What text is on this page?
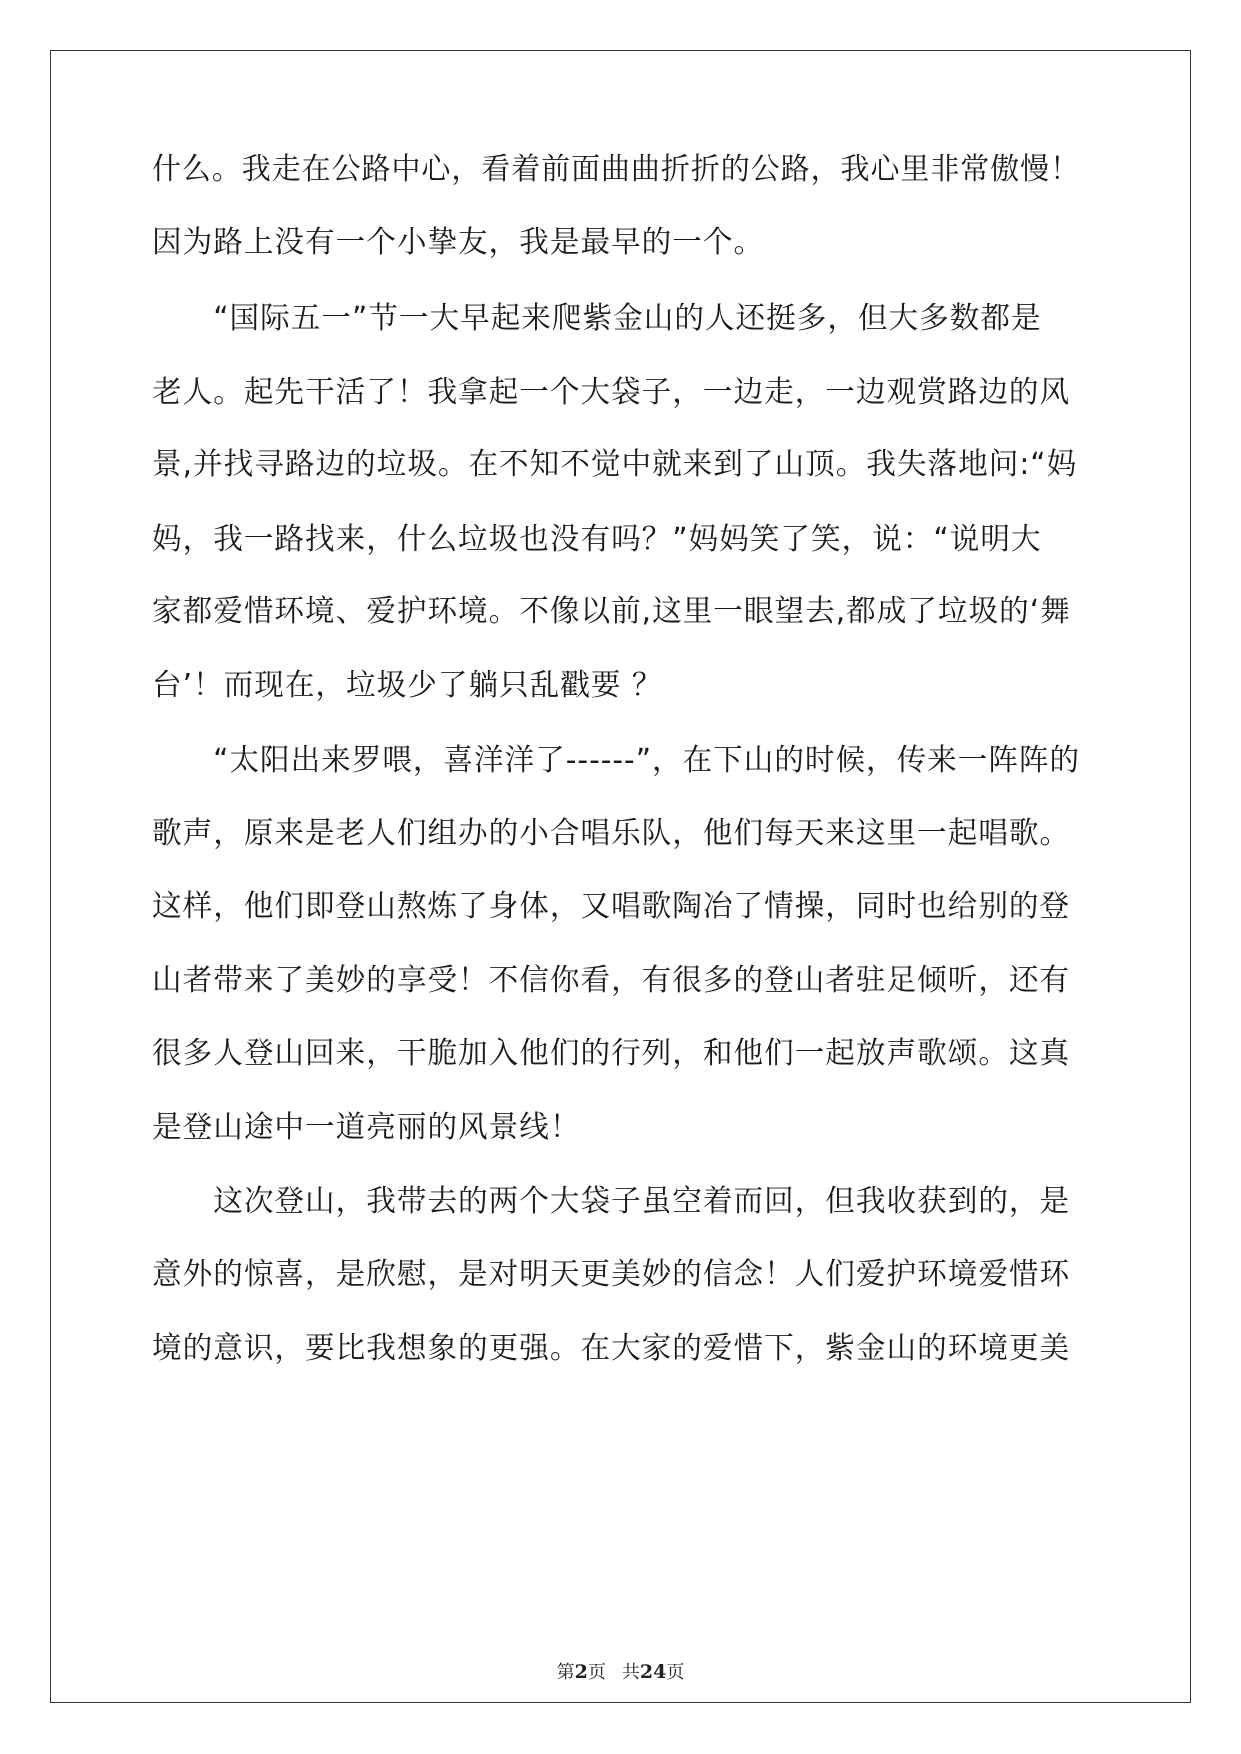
什么。我走在公路中心，看着前面曲曲折折的公路，我心里非常傲慢！
因为路上没有一个小挚友，我是最早的一个。
　　“国际五一”节一大早起来爬紫金山的人还挺多，但大多数都是
老人。起先干活了！我拿起一个大袋子，一边走，一边观赏路边的风
景,并找寻路边的垃圾。在不知不觉中就来到了山顶。我失落地问:“妈
妈，我一路找来，什么垃圾也没有吗？”妈妈笑了笑，说：“说明大
家都爱惜环境、爱护环境。不像以前,这里一眼望去,都成了垃圾的‘舞
台’！而现在，垃圾少了躺只乱戳要 ？
　　“太阳出来罗喂，喜洋洋了------”，在下山的时候，传来一阵阵的
歌声，原来是老人们组办的小合唱乐队，他们每天来这里一起唱歌。
这样，他们即登山熬炼了身体，又唱歌陶冶了情操，同时也给别的登
山者带来了美妙的享受！不信你看，有很多的登山者驻足倾听，还有
很多人登山回来，干脆加入他们的行列，和他们一起放声歌颂。这真
是登山途中一道亮丽的风景线！
　　这次登山，我带去的两个大袋子虽空着而回，但我收获到的，是
意外的惊喜，是欣慰，是对明天更美妙的信念！人们爱护环境爱惜环
境的意识，要比我想象的更强。在大家的爱惜下，紫金山的环境更美
第2页 共24页
